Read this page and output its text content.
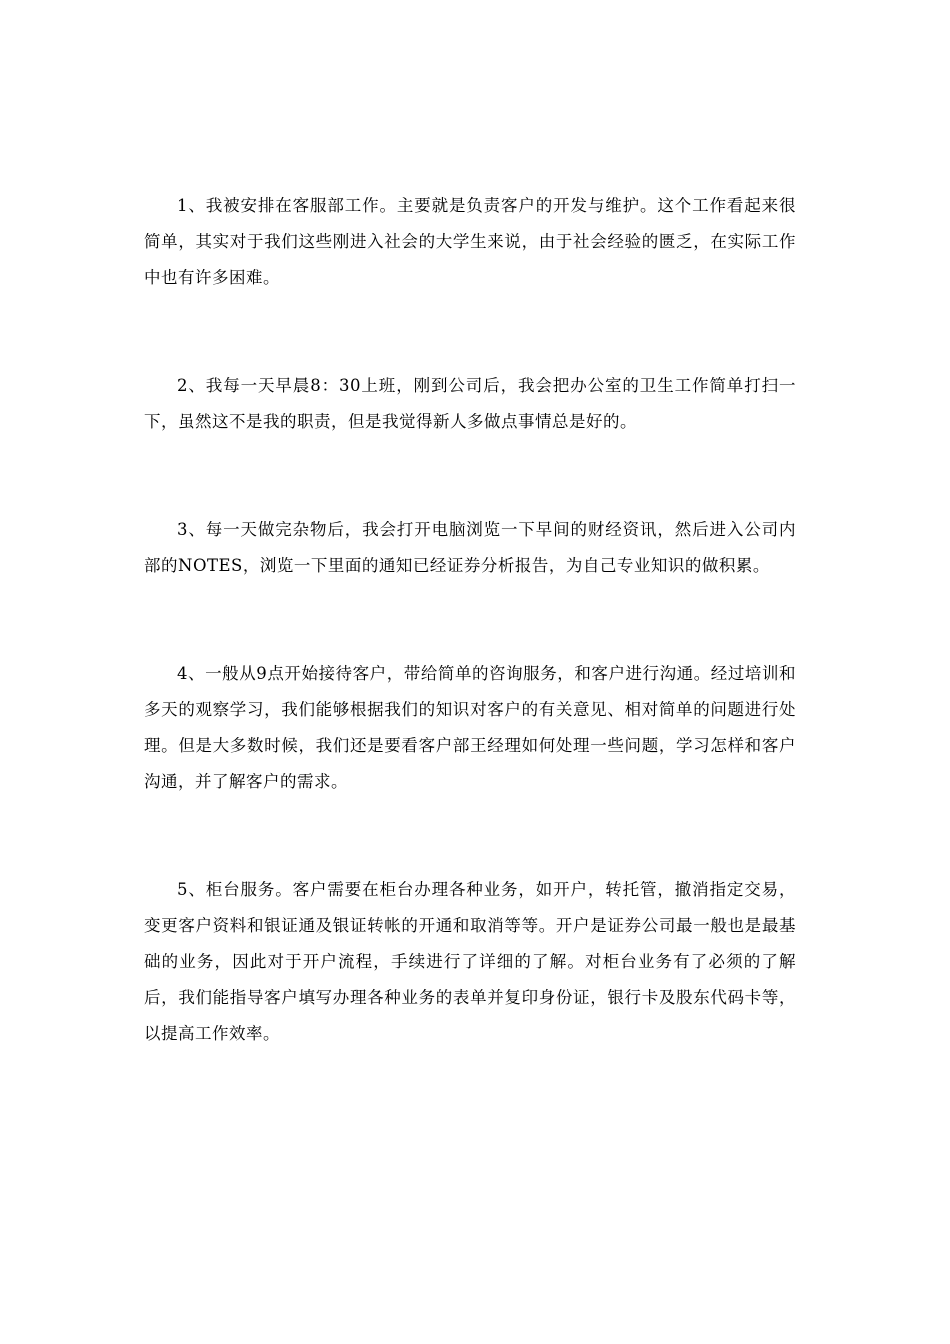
1、我被安排在客服部工作。主要就是负责客户的开发与维护。这个工作看起来很简单，其实对于我们这些刚进入社会的大学生来说，由于社会经验的匮乏，在实际工作中也有许多困难。

2、我每一天早晨8：30上班，刚到公司后，我会把办公室的卫生工作简单打扫一下，虽然这不是我的职责，但是我觉得新人多做点事情总是好的。

3、每一天做完杂物后，我会打开电脑浏览一下早间的财经资讯，然后进入公司内部的NOTES，浏览一下里面的通知已经证券分析报告，为自己专业知识的做积累。

4、一般从9点开始接待客户，带给简单的咨询服务，和客户进行沟通。经过培训和多天的观察学习，我们能够根据我们的知识对客户的有关意见、相对简单的问题进行处理。但是大多数时候，我们还是要看客户部王经理如何处理一些问题，学习怎样和客户沟通，并了解客户的需求。

5、柜台服务。客户需要在柜台办理各种业务，如开户，转托管，撤消指定交易，变更客户资料和银证通及银证转帐的开通和取消等等。开户是证券公司最一般也是最基础的业务，因此对于开户流程，手续进行了详细的了解。对柜台业务有了必须的了解后，我们能指导客户填写办理各种业务的表单并复印身份证，银行卡及股东代码卡等，以提高工作效率。
